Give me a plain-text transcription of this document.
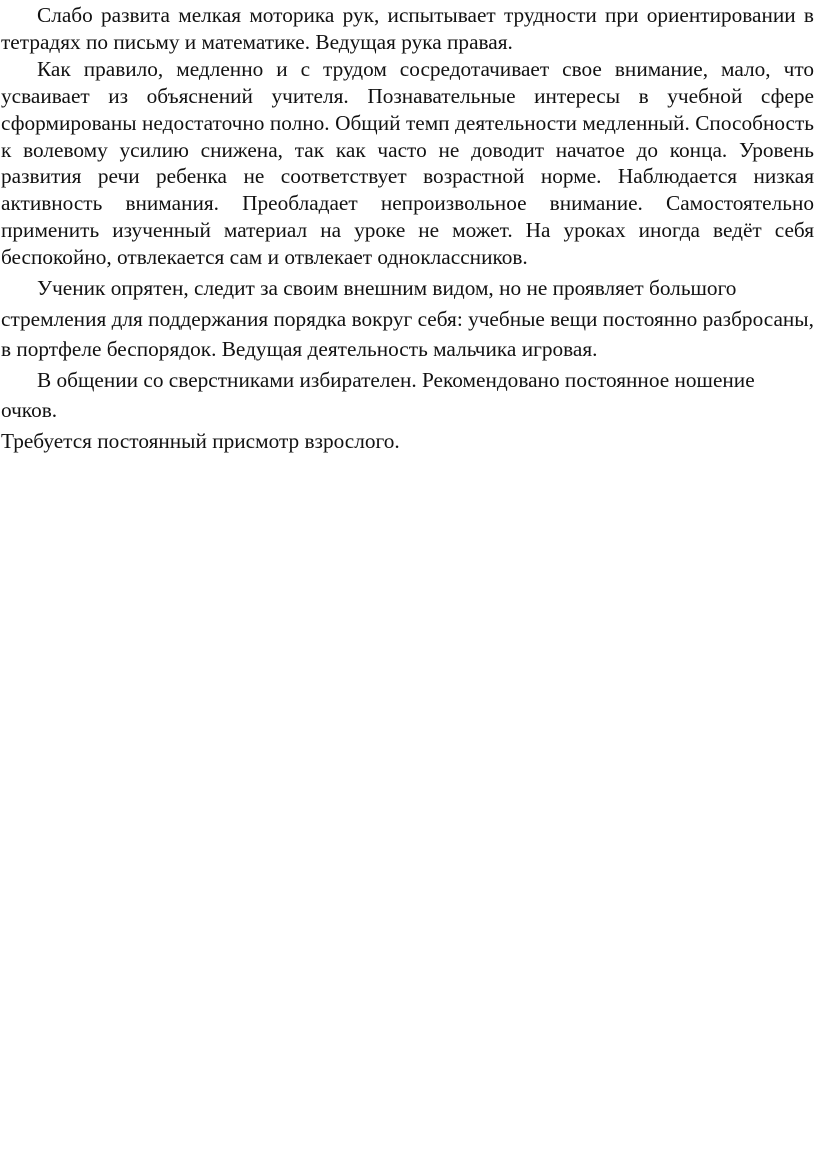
Слабо развита мелкая моторика рук, испытывает трудности при ориентировании в тетрадях по письму и математике. Ведущая рука правая.

Как правило, медленно и с трудом сосредотачивает свое внимание, мало, что усваивает из объяснений учителя. Познавательные интересы в учебной сфере сформированы недостаточно полно. Общий темп деятельности медленный. Способность к волевому усилию снижена, так как часто не доводит начатое до конца. Уровень развития речи ребенка не соответствует возрастной норме. Наблюдается низкая активность внимания. Преобладает непроизвольное внимание. Самостоятельно применить изученный материал на уроке не может. На уроках иногда ведёт себя беспокойно, отвлекается сам и отвлекает одноклассников.

Ученик опрятен, следит за своим внешним видом, но не проявляет большого стремления для поддержания порядка вокруг себя: учебные вещи постоянно разбросаны, в портфеле беспорядок. Ведущая деятельность мальчика игровая.

В общении со сверстниками избирателен. Рекомендовано постоянное ношение очков.

Требуется постоянный присмотр взрослого.
